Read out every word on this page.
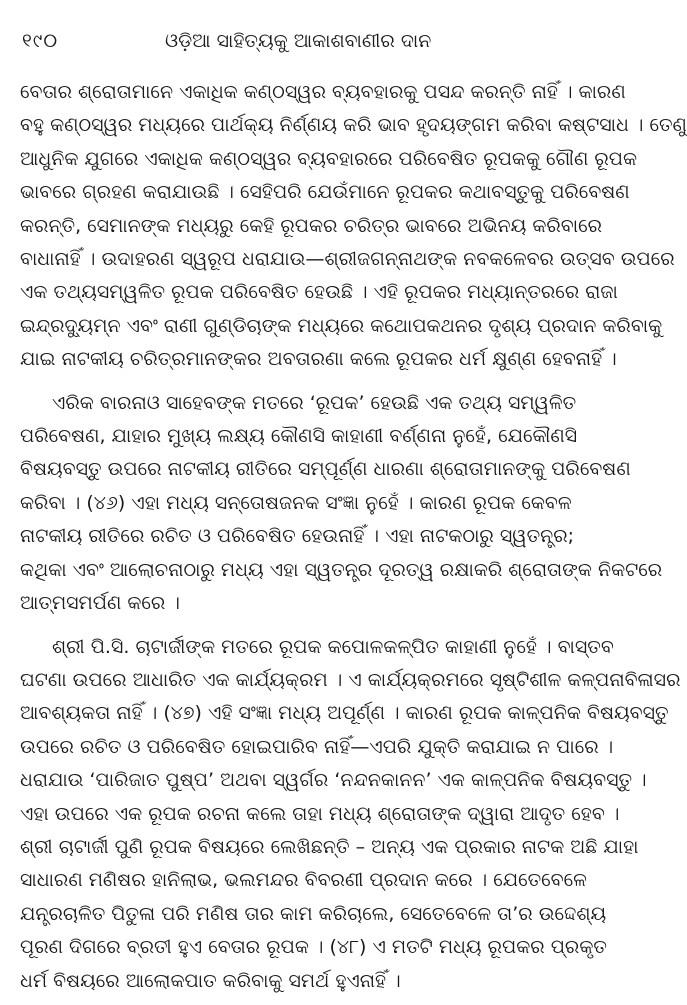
୧୯୦	ଓଡ଼ିଆ ସାହିତ୍ୟକୁ ଆକାଶବାଣୀର ଦାନ
ବେତାର ଶ୍ରୋତାମାନେ ଏକାଧିକ କଣ୍ଠସ୍ୱର ବ୍ୟବହାରକୁ ପସନ୍ଦ କରନ୍ତି ନାହିଁ । କାରଣ
ବହୁ କଣ୍ଠସ୍ୱର ମଧ୍ୟରେ ପାର୍ଥକ୍ୟ ନିର୍ଣ୍ଣୟ କରି ଭାବ ହୃଦୟଙ୍ଗମ କରିବା କଷ୍ଟସାଧ । ତେଣୁ
ଆଧୁନିକ ଯୁଗରେ ଏକାଧିକ କଣ୍ଠସ୍ୱର ବ୍ୟବହାରରେ ପରିବେଷିତ ରୂପକକୁ ଗୌଣ ରୂପକ
ଭାବରେ ଗ୍ରହଣ କରାଯାଉଛି । ସେହିପରି ଯେଉଁମାନେ ରୂପକର କଥାବସ୍ତୁକୁ ପରିବେଷଣ
କରନ୍ତି, ସେମାନଙ୍କ ମଧ୍ୟରୁ କେହି ରୂପକର ଚରିତ୍ର ଭାବରେ ଅଭିନୟ କରିବାରେ
ବାଧାନାହିଁ । ଉଦାହରଣ ସ୍ୱରୂପ ଧରାଯାଉ—ଶ୍ରୀଜଗନ୍ନାଥଙ୍କ ନବକଳେବର ଉତ୍ସବ ଉପରେ
ଏକ ତଥ୍ୟସମ୍ୱଳିତ ରୂପକ ପରିବେଷିତ ହେଉଛି । ଏହି ରୂପକର ମଧ୍ୟାନ୍ତରରେ ରାଜା
ଇନ୍ଦ୍ରଦ୍ୟୁମ୍ନ ଏବଂ ରାଣୀ ଗୁଣ୍ଡିଚାଙ୍କ ମଧ୍ୟରେ କଥୋପକଥନର ଦୃଶ୍ୟ ପ୍ରଦାନ କରିବାକୁ
ଯାଇ ନାଟକୀୟ ଚରିତ୍ରମାନଙ୍କର ଅବତାରଣା କଲେ ରୂପକର ଧର୍ମ କ୍ଷୁଣ୍ଣ ହେବନାହିଁ ।
ଏରିକ ବାରନାଓ ସାହେବଙ୍କ ମତରେ ‘ରୂପକ’ ହେଉଛି ଏକ ତଥ୍ୟ ସମ୍ୱଳିତ
ପରିବେଷଣ, ଯାହାର ମୁଖ୍ୟ ଲକ୍ଷ୍ୟ କୌଣସି କାହାଣୀ ବର୍ଣ୍ଣନା ନୁହେଁ, ଯେକୌଣସି
ବିଷୟବସ୍ତୁ ଉପରେ ନାଟକୀୟ ରୀତିରେ ସମ୍ପୂର୍ଣ୍ଣ ଧାରଣା ଶ୍ରୋତାମାନଙ୍କୁ ପରିବେଷଣ
କରିବା । (୪୬) ଏହା ମଧ୍ୟ ସନ୍ତୋଷଜନକ ସଂଜ୍ଞା ନୁହେଁ । କାରଣ ରୂପକ କେବଳ
ନାଟକୀୟ ରୀତିରେ ରଚିତ ଓ ପରିବେଷିତ ହେଉନାହିଁ । ଏହା ନାଟକଠାରୁ ସ୍ୱତନ୍ତ୍ର;
କଥିକା ଏବଂ ଆଲୋଚନାଠାରୁ ମଧ୍ୟ ଏହା ସ୍ୱତନ୍ତ୍ର ଦୂରତ୍ୱ ରକ୍ଷାକରି ଶ୍ରୋତାଙ୍କ ନିକଟରେ
ଆତ୍ମସମର୍ପଣ କରେ ।
ଶ୍ରୀ ପି.ସି. ଚାଟାର୍ଜୀଙ୍କ ମତରେ ରୂପକ କପୋଳକଳ୍ପିତ କାହାଣୀ ନୁହେଁ । ବାସ୍ତବ
ଘଟଣା ଉପରେ ଆଧାରିତ ଏକ କାର୍ଯ୍ୟକ୍ରମ । ଏ କାର୍ଯ୍ୟକ୍ରମରେ ସୃଷ୍ଟିଶୀଳ କଳ୍ପନାବିଳାସର
ଆବଶ୍ୟକତା ନାହିଁ । (୪୭) ଏହି ସଂଜ୍ଞା ମଧ୍ୟ ଅପୂର୍ଣ୍ଣ । କାରଣ ରୂପକ କାଳ୍ପନିକ ବିଷୟବସ୍ତୁ
ଉପରେ ରଚିତ ଓ ପରିବେଷିତ ହୋଇପାରିବ ନାହିଁ—ଏପରି ଯୁକ୍ତି କରାଯାଇ ନ ପାରେ ।
ଧରାଯାଉ ‘ପାରିଜାତ ପୁଷ୍ପ’ ଅଥବା ସ୍ୱର୍ଗର ‘ନନ୍ଦନକାନନ’ ଏକ କାଳ୍ପନିକ ବିଷୟବସ୍ତୁ ।
ଏହା ଉପରେ ଏକ ରୂପକ ରଚନା କଲେ ତାହା ମଧ୍ୟ ଶ୍ରୋତାଙ୍କ ଦ୍ୱାରା ଆଦୃତ ହେବ ।
ଶ୍ରୀ ଚାଟାର୍ଜୀ ପୁଣି ରୂପକ ବିଷୟରେ ଲେଖିଛନ୍ତି – ଅନ୍ୟ ଏକ ପ୍ରକାର ନାଟକ ଅଛି ଯାହା
ସାଧାରଣ ମଣିଷର ହାନିଲାଭ, ଭଲମନ୍ଦର ବିବରଣୀ ପ୍ରଦାନ କରେ । ଯେତେବେଳେ
ଯନ୍ତ୍ରଚାଳିତ ପିତୁଳା ପରି ମଣିଷ ତାର କାମ କରିଚାଲେ, ସେତେବେଳେ ତା’ର ଉଦ୍ଦେଶ୍ୟ
ପୂରଣ ଦିଗରେ ବ୍ରତୀ ହୁଏ ବେତାର ରୂପକ । (୪୮) ଏ ମତଟି ମଧ୍ୟ ରୂପକର ପ୍ରକୃତ
ଧର୍ମ ବିଷୟରେ ଆଲୋକପାତ କରିବାକୁ ସମର୍ଥ ହୁଏନାହିଁ ।
